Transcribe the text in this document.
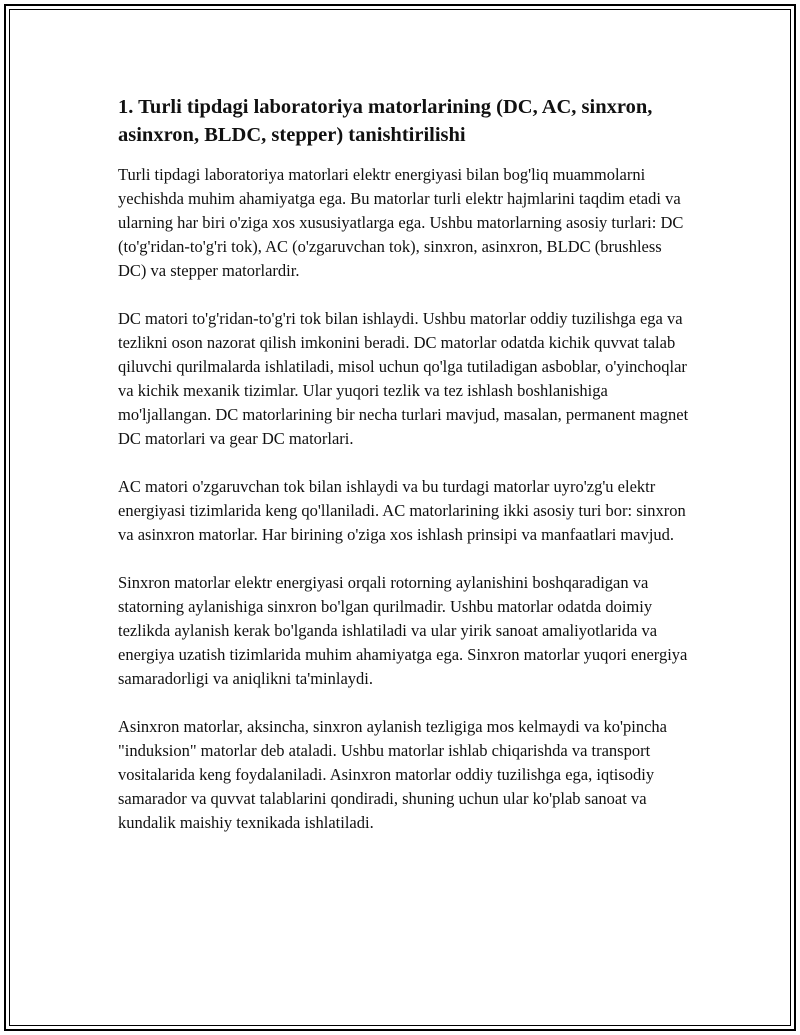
1. Turli tipdagi laboratoriya matorlarining (DC, AC, sinxron, asinxron, BLDC, stepper) tanishtirilishi

Turli tipdagi laboratoriya matorlari elektr energiyasi bilan bog'liq muammolarni yechishda muhim ahamiyatga ega. Bu matorlar turli elektr hajmlarini taqdim etadi va ularning har biri o'ziga xos xususiyatlarga ega. Ushbu matorlarning asosiy turlari: DC (to'g'ridan-to'g'ri tok), AC (o'zgaruvchan tok), sinxron, asinxron, BLDC (brushless DC) va stepper matorlardir.

DC matori to'g'ridan-to'g'ri tok bilan ishlaydi. Ushbu matorlar oddiy tuzilishga ega va tezlikni oson nazorat qilish imkonini beradi. DC matorlar odatda kichik quvvat talab qiluvchi qurilmalarda ishlatiladi, misol uchun qo'lga tutiladigan asboblar, o'yinchoqlar va kichik mexanik tizimlar. Ular yuqori tezlik va tez ishlash boshlanishiga mo'ljallangan. DC matorlarining bir necha turlari mavjud, masalan, permanent magnet DC matorlari va gear DC matorlari.

AC matori o'zgaruvchan tok bilan ishlaydi va bu turdagi matorlar uyro'zg'u elektr energiyasi tizimlarida keng qo'llaniladi. AC matorlarining ikki asosiy turi bor: sinxron va asinxron matorlar. Har birining o'ziga xos ishlash prinsipi va manfaatlari mavjud.

Sinxron matorlar elektr energiyasi orqali rotorning aylanishini boshqaradigan va statorning aylanishiga sinxron bo'lgan qurilmadir. Ushbu matorlar odatda doimiy tezlikda aylanish kerak bo'lganda ishlatiladi va ular yirik sanoat amaliyotlarida va energiya uzatish tizimlarida muhim ahamiyatga ega. Sinxron matorlar yuqori energiya samaradorligi va aniqlikni ta'minlaydi.

Asinxron matorlar, aksincha, sinxron aylanish tezligiga mos kelmaydi va ko'pincha "induksion" matorlar deb ataladi. Ushbu matorlar ishlab chiqarishda va transport vositalarida keng foydalaniladi. Asinxron matorlar oddiy tuzilishga ega, iqtisodiy samarador va quvvat talablarini qondiradi, shuning uchun ular ko'plab sanoat va kundalik maishiy texnikada ishlatiladi.
